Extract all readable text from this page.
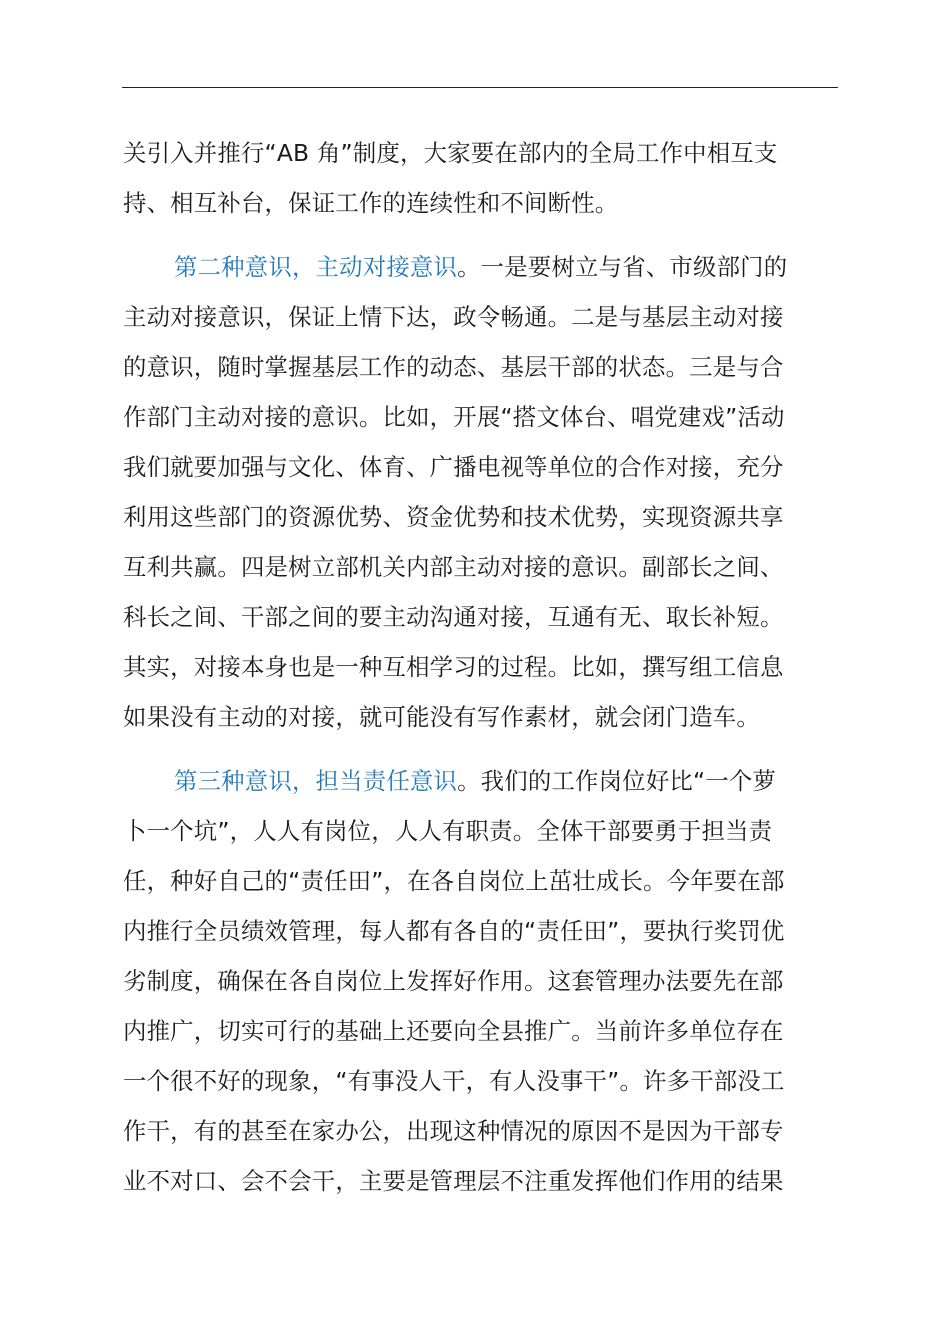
关引入并推行“AB 角”制度，大家要在部内的全局工作中相互支
持、相互补台，保证工作的连续性和不间断性。

第二种意识，主动对接意识。一是要树立与省、市级部门的
主动对接意识，保证上情下达，政令畅通。二是与基层主动对接
的意识，随时掌握基层工作的动态、基层干部的状态。三是与合
作部门主动对接的意识。比如，开展“搭文体台、唱党建戏”活动
我们就要加强与文化、体育、广播电视等单位的合作对接，充分
利用这些部门的资源优势、资金优势和技术优势，实现资源共享
互利共赢。四是树立部机关内部主动对接的意识。副部长之间、
科长之间、干部之间的要主动沟通对接，互通有无、取长补短。
其实，对接本身也是一种互相学习的过程。比如，撰写组工信息
如果没有主动的对接，就可能没有写作素材，就会闭门造车。

第三种意识，担当责任意识。我们的工作岗位好比“一个萝
卜一个坑”，人人有岗位，人人有职责。全体干部要勇于担当责
任，种好自己的“责任田”，在各自岗位上茁壮成长。今年要在部
内推行全员绩效管理，每人都有各自的“责任田”，要执行奖罚优
劣制度，确保在各自岗位上发挥好作用。这套管理办法要先在部
内推广，切实可行的基础上还要向全县推广。当前许多单位存在
一个很不好的现象，“有事没人干，有人没事干”。许多干部没工
作干，有的甚至在家办公，出现这种情况的原因不是因为干部专
业不对口、会不会干，主要是管理层不注重发挥他们作用的结果
